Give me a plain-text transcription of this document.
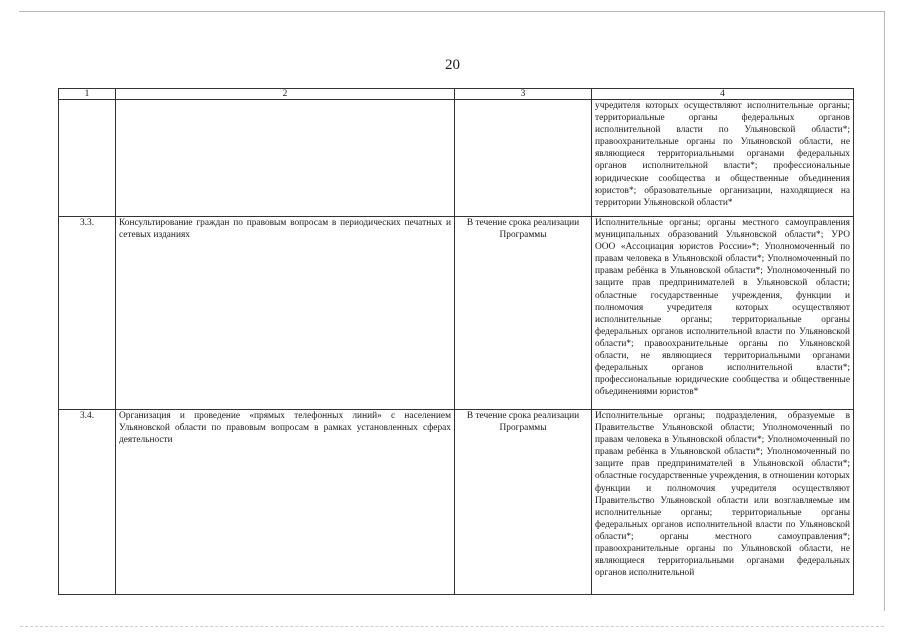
20
1	2	3	4
			учредителя которых осуществляют исполнительные органы; территориальные органы федеральных органов исполнительной власти по Ульяновской области*; правоохранительные органы по Ульяновской области, не являющиеся территориальными органами федеральных органов исполнительной власти*; профессиональные юридические сообщества и общественные объединения юристов*; образовательные организации, находящиеся на территории Ульяновской области*
3.3.	Консультирование граждан по правовым вопросам в периодических печатных и сетевых изданиях	В течение срока реализации Программы	Исполнительные органы; органы местного самоуправления муниципальных образований Ульяновской области*; УРО ООО «Ассоциация юристов России»*; Уполномоченный по правам человека в Ульяновской области*; Уполномоченный по правам ребёнка в Ульяновской области*; Уполномоченный по защите прав предпринимателей в Ульяновской области; областные государственные учреждения, функции и полномочия учредителя которых осуществляют исполнительные органы; территориальные органы федеральных органов исполнительной власти по Ульяновской области*; правоохранительные органы по Ульяновской области, не являющиеся территориальными органами федеральных органов исполнительной власти*; профессиональные юридические сообщества и общественные объединениями юристов*
3.4.	Организация и проведение «прямых телефонных линий» с населением Ульяновской области по правовым вопросам в рамках установленных сферах деятельности	В течение срока реализации Программы	Исполнительные органы; подразделения, образуемые в Правительстве Ульяновской области; Уполномоченный по правам человека в Ульяновской области*; Уполномоченный по правам ребёнка в Ульяновской области*; Уполномоченный по защите прав предпринимателей в Ульяновской области*; областные государственные учреждения, в отношении которых функции и полномочия учредителя осуществляют Правительство Ульяновской области или возглавляемые им исполнительные органы; территориальные органы федеральных органов исполнительной власти по Ульяновской области*; органы местного самоуправления*; правоохранительные органы по Ульяновской области, не являющиеся территориальными органами федеральных органов исполнительной
